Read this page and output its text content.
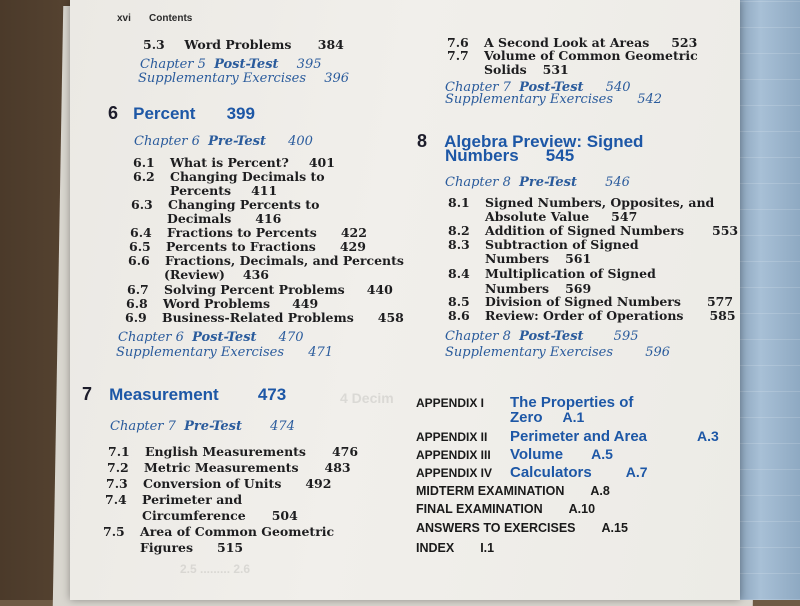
xvi Contents
5.3 Word Problems 384
Chapter 5 Post-Test 395
Supplementary Exercises 396
6 Percent 399
Chapter 6 Pre-Test 400
6.1 What is Percent? 401
6.2 Changing Decimals to
Percents 411
6.3 Changing Percents to
Decimals 416
6.4 Fractions to Percents 422
6.5 Percents to Fractions 429
6.6 Fractions, Decimals, and Percents
(Review) 436
6.7 Solving Percent Problems 440
6.8 Word Problems 449
6.9 Business-Related Problems 458
Chapter 6 Post-Test 470
Supplementary Exercises 471
7 Measurement 473
Chapter 7 Pre-Test 474
7.1 English Measurements 476
7.2 Metric Measurements 483
7.3 Conversion of Units 492
7.4 Perimeter and
Circumference 504
7.5 Area of Common Geometric
Figures 515
7.6 A Second Look at Areas 523
7.7 Volume of Common Geometric
Solids 531
Chapter 7 Post-Test 540
Supplementary Exercises 542
8 Algebra Preview: Signed
Numbers 545
Chapter 8 Pre-Test 546
8.1 Signed Numbers, Opposites, and
Absolute Value 547
8.2 Addition of Signed Numbers 553
8.3 Subtraction of Signed
Numbers 561
8.4 Multiplication of Signed
Numbers 569
8.5 Division of Signed Numbers 577
8.6 Review: Order of Operations 585
Chapter 8 Post-Test 595
Supplementary Exercises 596
4 Decim
2.5 ......... 2.6
APPENDIX I The Properties of
Zero A.1
APPENDIX II Perimeter and Area	A.3
APPENDIX III Volume A.5
APPENDIX IV Calculators A.7
MIDTERM EXAMINATION A.8
FINAL EXAMINATION A.10
ANSWERS TO EXERCISES A.15
INDEX I.1
